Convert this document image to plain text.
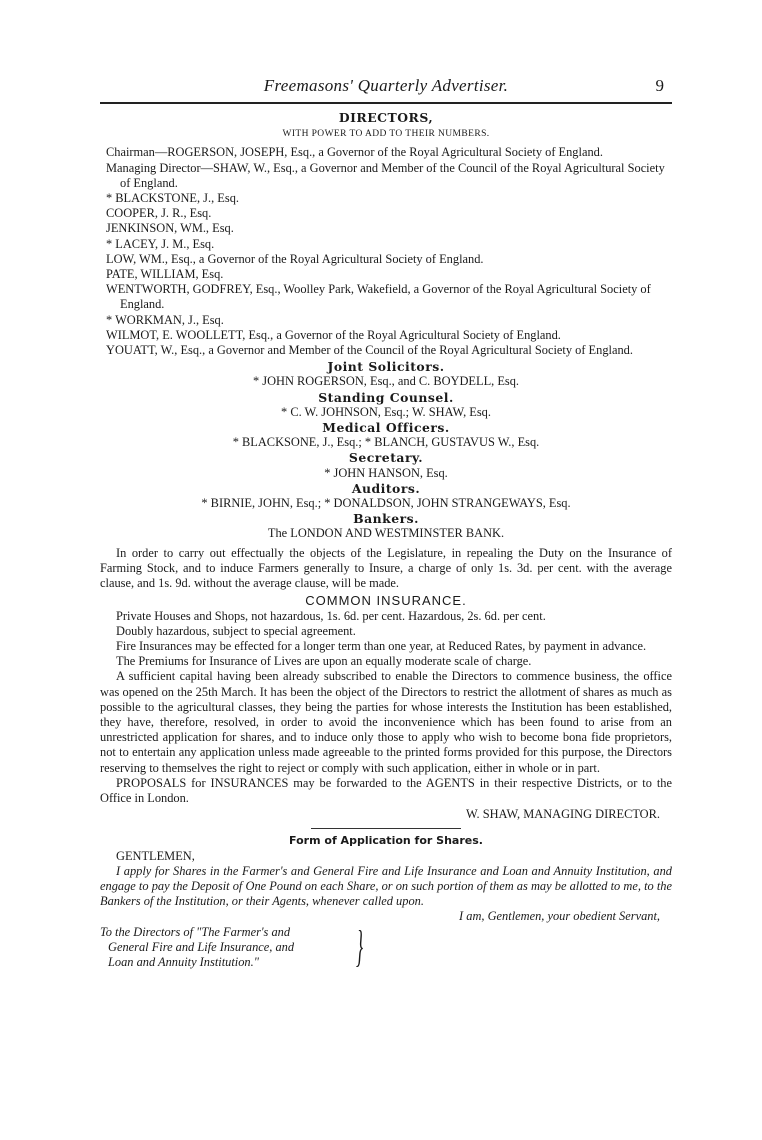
Freemasons' Quarterly Advertiser.	9
DIRECTORS,
WITH POWER TO ADD TO THEIR NUMBERS.
Chairman—ROGERSON, JOSEPH, Esq., a Governor of the Royal Agricultural Society of England.
Managing Director—SHAW, W., Esq., a Governor and Member of the Council of the Royal Agricultural Society of England.
* BLACKSTONE, J., Esq.
COOPER, J. R., Esq.
JENKINSON, WM., Esq.
* LACEY, J. M., Esq.
LOW, WM., Esq., a Governor of the Royal Agricultural Society of England.
PATE, WILLIAM, Esq.
WENTWORTH, GODFREY, Esq., Woolley Park, Wakefield, a Governor of the Royal Agricultural Society of England.
* WORKMAN, J., Esq.
WILMOT, E. WOOLLETT, Esq., a Governor of the Royal Agricultural Society of England.
YOUATT, W., Esq., a Governor and Member of the Council of the Royal Agricultural Society of England.
Joint Solicitors.
* JOHN ROGERSON, Esq., and C. BOYDELL, Esq.
Standing Counsel.
* C. W. JOHNSON, Esq.; W. SHAW, Esq.
Medical Officers.
* BLACKSONE, J., Esq.; * BLANCH, GUSTAVUS W., Esq.
Secretary.
* JOHN HANSON, Esq.
Auditors.
* BIRNIE, JOHN, Esq.; * DONALDSON, JOHN STRANGEWAYS, Esq.
Bankers.
The LONDON AND WESTMINSTER BANK.
In order to carry out effectually the objects of the Legislature, in repealing the Duty on the Insurance of Farming Stock, and to induce Farmers generally to Insure, a charge of only 1s. 3d. per cent. with the average clause, and 1s. 9d. without the average clause, will be made.
COMMON INSURANCE.
Private Houses and Shops, not hazardous, 1s. 6d. per cent. Hazardous, 2s. 6d. per cent.
Doubly hazardous, subject to special agreement.
Fire Insurances may be effected for a longer term than one year, at Reduced Rates, by payment in advance.
The Premiums for Insurance of Lives are upon an equally moderate scale of charge.
A sufficient capital having been already subscribed to enable the Directors to commence business, the office was opened on the 25th March. It has been the object of the Directors to restrict the allotment of shares as much as possible to the agricultural classes, they being the parties for whose interests the Institution has been established, they have, therefore, resolved, in order to avoid the inconvenience which has been found to arise from an unrestricted application for shares, and to induce only those to apply who wish to become bona fide proprietors, not to entertain any application unless made agreeable to the printed forms provided for this purpose, the Directors reserving to themselves the right to reject or comply with such application, either in whole or in part.
PROPOSALS for INSURANCES may be forwarded to the AGENTS in their respective Districts, or to the Office in London.
W. SHAW, MANAGING DIRECTOR.
Form of Application for Shares.
GENTLEMEN,
I apply for Shares in the Farmer's and General Fire and Life Insurance and Loan and Annuity Institution, and engage to pay the Deposit of One Pound on each Share, or on such portion of them as may be allotted to me, to the Bankers of the Institution, or their Agents, whenever called upon.
I am, Gentlemen, your obedient Servant,
To the Directors of "The Farmer's and
General Fire and Life Insurance, and
Loan and Annuity Institution."	}
